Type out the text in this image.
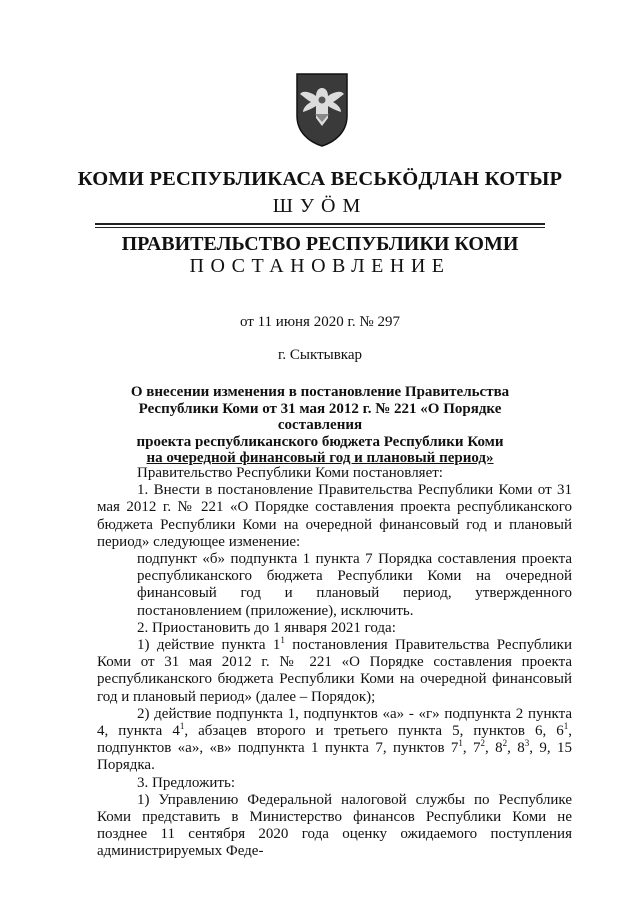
КОМИ РЕСПУБЛИКАСА ВЕСЬКӦДЛАН КОТЫР
ШУӦМ
ПРАВИТЕЛЬСТВО РЕСПУБЛИКИ КОМИ
ПОСТАНОВЛЕНИЕ
от 11 июня 2020 г. № 297
г. Сыктывкар
О внесении изменения в постановление Правительства
Республики Коми от 31 мая 2012 г. № 221 «О Порядке составления
проекта республиканского бюджета Республики Коми
на очередной финансовый год и плановый период»

Правительство Республики Коми постановляет:

1. Внести в постановление Правительства Республики Коми от 31 мая 2012 г. № 221 «О Порядке составления проекта республиканского бюджета Республики Коми на очередной финансовый год и плановый период» следующее изменение:

подпункт «б» подпункта 1 пункта 7 Порядка составления проекта республиканского бюджета Республики Коми на очередной финансовый год и плановый период, утвержденного постановлением (приложение), исключить.

2. Приостановить до 1 января 2021 года:

1) действие пункта $1^1$ постановления Правительства Республики Коми от 31 мая 2012 г. № 221 «О Порядке составления проекта республиканского бюджета Республики Коми на очередной финансовый год и плановый период» (далее – Порядок);

2) действие подпункта 1, подпунктов «а» - «г» подпункта 2 пункта 4, пункта $4^1$, абзацев второго и третьего пункта 5, пунктов 6, $6^1$, подпунктов «а», «в» подпункта 1 пункта 7, пунктов $7^1$, $7^2$, $8^2$, $8^3$, 9, 15 Порядка.

3. Предложить:

1) Управлению Федеральной налоговой службы по Республике Коми представить в Министерство финансов Республики Коми не позднее 11 сентября 2020 года оценку ожидаемого поступления администрируемых Феде-
